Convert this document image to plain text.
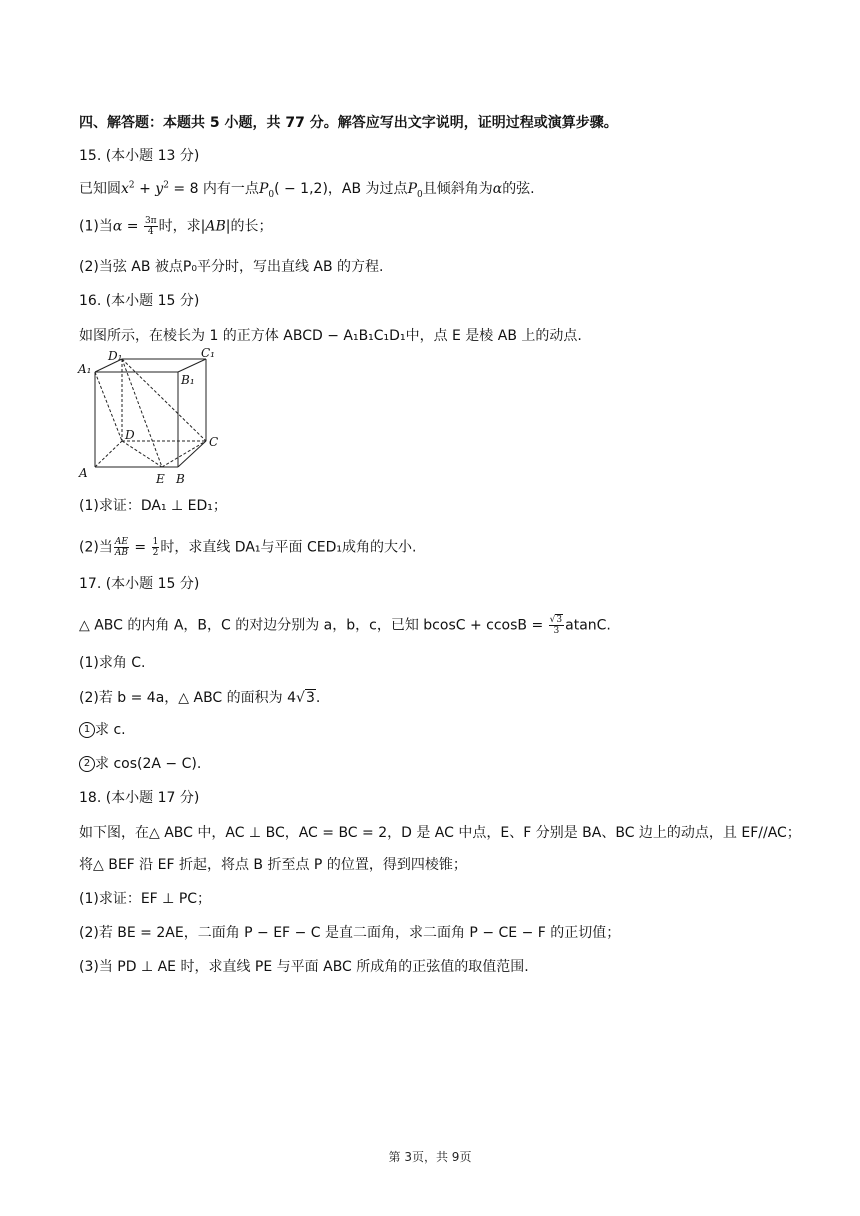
四、解答题：本题共 5 小题，共 77 分。解答应写出文字说明，证明过程或演算步骤。
15. (本小题 13 分)
已知圆$x^2 + y^2 = 8$ 内有一点$P_0( - 1,2)$，AB 为过点$P_0$且倾斜角为α的弦.
(1)当$\alpha = \frac{3\pi}{4}$ 时，求|AB|的长；
(2)当弦 AB 被点P₀平分时，写出直线 AB 的方程.
16. (本小题 15 分)
如图所示，在棱长为 1 的正方体 ABCD − A₁B₁C₁D₁中，点 E 是棱 AB 上的动点.
D₁	C₁
A₁
B₁
D	C
A	E B
(1)求证：DA₁ ⊥ ED₁；
(2)当 $\frac{AE}{AB} = \frac{1}{2}$ 时，求直线 DA₁与平面 CED₁成角的大小.
17. (本小题 15 分)
△ ABC 的内角 A，B，C 的对边分别为 a，b，c，已知 $bcosC + ccosB = \frac{√3}{3} atanC$.
(1)求角 C.
(2)若 b = 4a，△ ABC 的面积为 4√3.
1 求 c.
2 求 cos(2A − C).
18. (本小题 17 分)
如下图，在△ ABC 中，AC ⊥ BC，AC = BC = 2，D 是 AC 中点，E、F 分别是 BA、BC 边上的动点，且 EF//AC；
将△ BEF 沿 EF 折起，将点 B 折至点 P 的位置，得到四棱锥；
(1)求证：EF ⊥ PC；
(2)若 BE = 2AE，二面角 P − EF − C 是直二面角，求二面角 P − CE − F 的正切值；
(3)当 PD ⊥ AE 时，求直线 PE 与平面 ABC 所成角的正弦值的取值范围.
第 3页，共 9页
